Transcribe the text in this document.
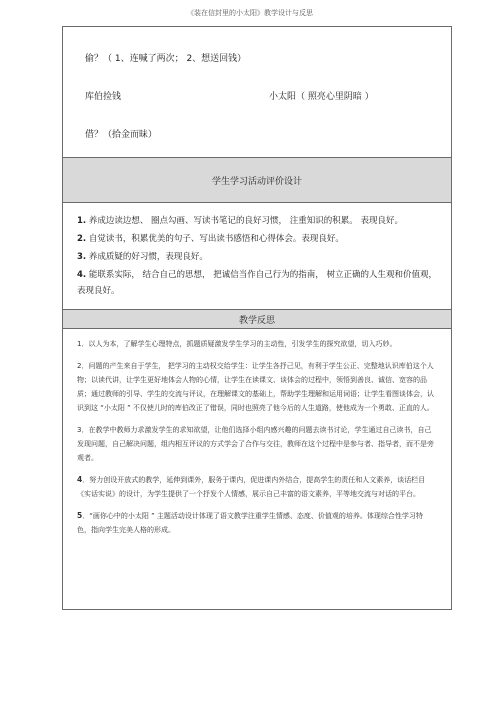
《装在信封里的小太阳》教学设计与反思
偷？（ 1、连喊了两次； 2、想送回钱）
库伯捡钱	小太阳（ 照亮心里阴暗 ）
借？（拾金而昧）

学生学习活动评价设计

1. 养成边读边想、 圈点勾画、写读书笔记的良好习惯， 注重知识的积累。 表现良好。
2. 自觉读书，积累优美的句子、写出读书感悟和心得体会。表现良好。
3. 养成质疑的好习惯，表现良好。
4. 能联系实际， 结合自己的思想， 把诚信当作自己行为的指南， 树立正确的人生观和价值观，表现良好。

教学反思

1．以人为本，了解学生心理特点，抓题质疑激发学生学习的主动性，引发学生的探究欲望，切入巧妙。

2．问题的产生来自于学生， 把学习的主动权交给学生：让学生各抒己见，有利于学生公正、完整地认识库伯这个人物；以读代讲，让学生更好地体会人物的心情，让学生在读课文、谈体会的过程中，领悟到善良、诚信、宽容的品质；通过教师的引导、学生的交流与评议，在理解课文的基础上，帮助学生理解和运用词语；让学生看图谈体会，认识到这 “小太阳 ” 不仅使儿时的库伯改正了错误，同时也照亮了他今后的人生道路，使他成为一个勇敢、正直的人。

3．在教学中教师力求激发学生的求知欲望，让他们选择小组内感兴趣的问题去读书讨论，学生通过自己读书，自己发现问题，自己解决问题，组内相互评议的方式学会了合作与交往，教师在这个过程中是参与者、指导者，而不是旁观者。

4．努力创设开放式的教学，延伸到课外，服务于课内，促进课内外结合，提高学生的责任和人文素养，谈话栏目《实话实说》的设计，为学生提供了一个抒发个人情感，展示自己丰富的语文素养，平等地交流与对话的平台。

5．“画你心中的小太阳 ” 主题活动设计体现了语文教学注重学生情感、态度、价值观的培养。体现综合性学习特色，指向学生完美人格的形成。
